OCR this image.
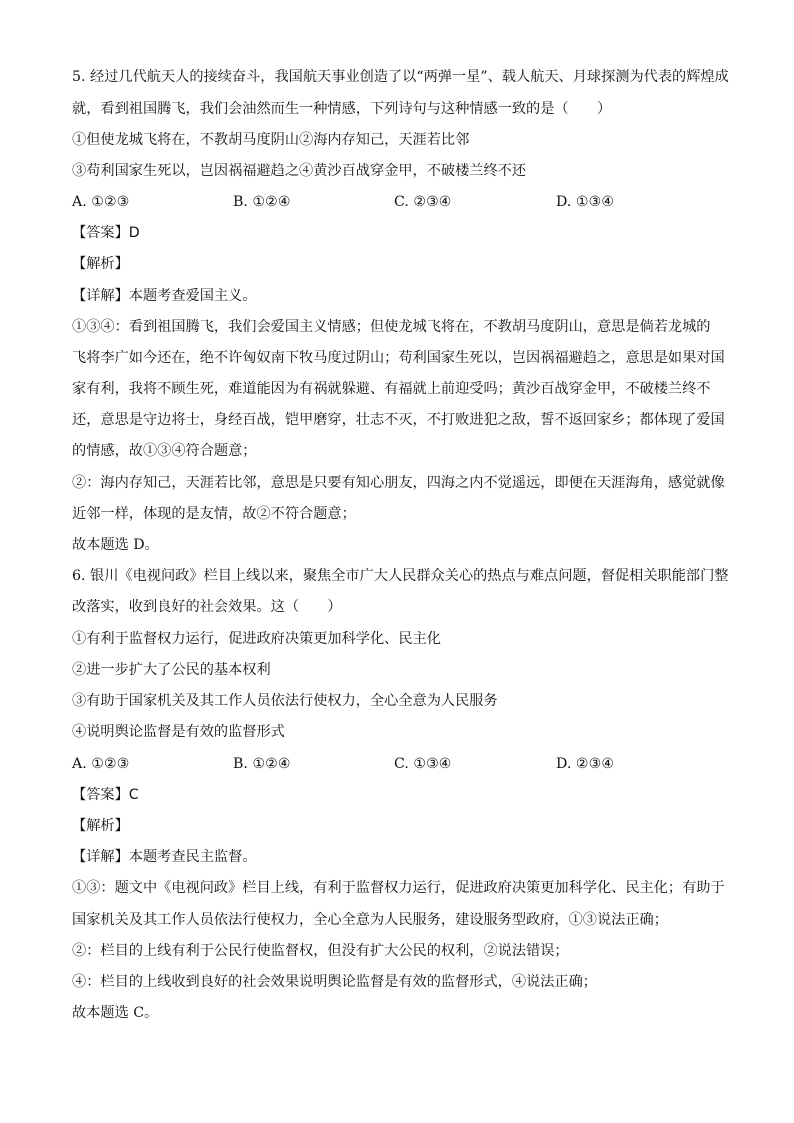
5. 经过几代航天人的接续奋斗，我国航天事业创造了以“两弹一星”、载人航天、月球探测为代表的辉煌成
就，看到祖国腾飞，我们会油然而生一种情感，下列诗句与这种情感一致的是（　　）
①但使龙城飞将在，不教胡马度阴山②海内存知己，天涯若比邻
③苟利国家生死以，岂因祸福避趋之④黄沙百战穿金甲，不破楼兰终不还
A. ①②③	B. ①②④	C. ②③④	D. ①③④
【答案】D
【解析】
【详解】本题考查爱国主义。
①③④：看到祖国腾飞，我们会爱国主义情感；但使龙城飞将在，不教胡马度阴山，意思是倘若龙城的
飞将李广如今还在，绝不许匈奴南下牧马度过阴山；苟利国家生死以，岂因祸福避趋之，意思是如果对国
家有利，我将不顾生死，难道能因为有祸就躲避、有福就上前迎受吗；黄沙百战穿金甲，不破楼兰终不
还，意思是守边将士，身经百战，铠甲磨穿，壮志不灭，不打败进犯之敌，誓不返回家乡；都体现了爱国
的情感，故①③④符合题意；
②：海内存知己，天涯若比邻，意思是只要有知心朋友，四海之内不觉遥远，即便在天涯海角，感觉就像
近邻一样，体现的是友情，故②不符合题意；
故本题选 D。
6. 银川《电视问政》栏目上线以来，聚焦全市广大人民群众关心的热点与难点问题，督促相关职能部门整
改落实，收到良好的社会效果。这（　　）
①有利于监督权力运行，促进政府决策更加科学化、民主化
②进一步扩大了公民的基本权利
③有助于国家机关及其工作人员依法行使权力，全心全意为人民服务
④说明舆论监督是有效的监督形式
A. ①②③	B. ①②④	C. ①③④	D. ②③④
【答案】C
【解析】
【详解】本题考查民主监督。
①③：题文中《电视问政》栏目上线，有利于监督权力运行，促进政府决策更加科学化、民主化；有助于
国家机关及其工作人员依法行使权力，全心全意为人民服务，建设服务型政府，①③说法正确；
②：栏目的上线有利于公民行使监督权，但没有扩大公民的权利，②说法错误；
④：栏目的上线收到良好的社会效果说明舆论监督是有效的监督形式，④说法正确；
故本题选 C。
